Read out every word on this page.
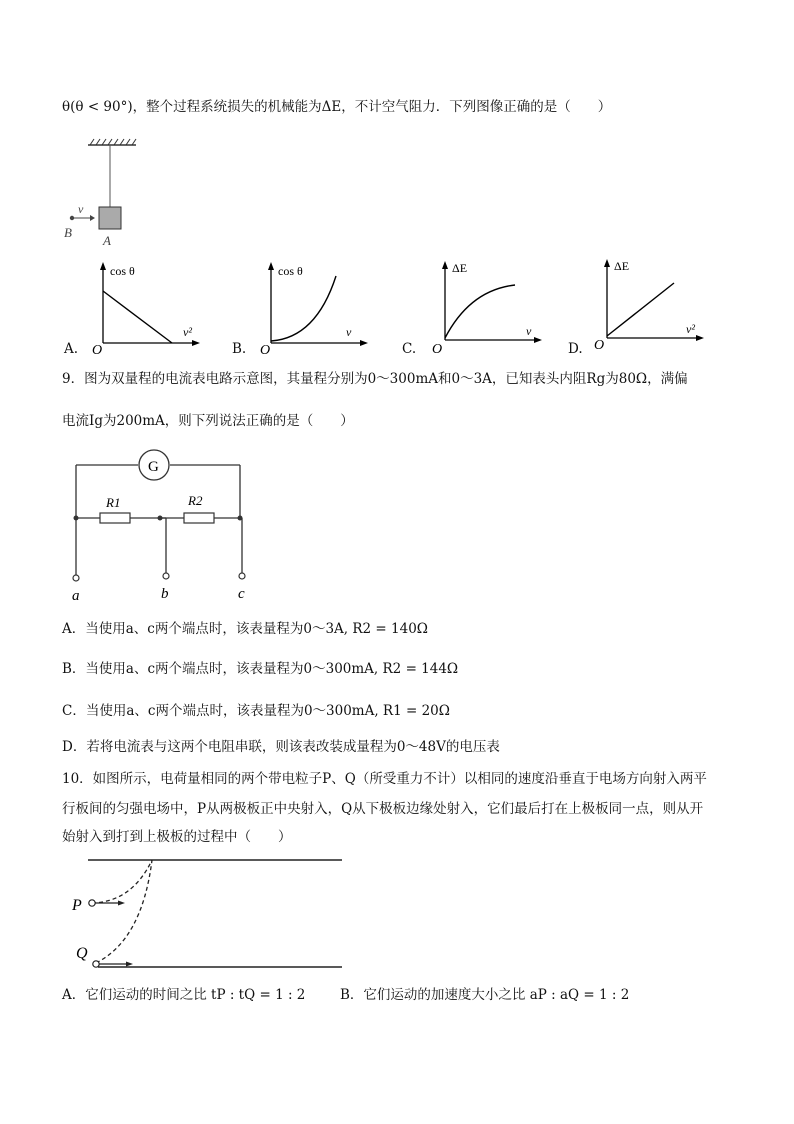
θ(θ < 90°)，整个过程系统损失的机械能为ΔE，不计空气阻力．下列图像正确的是（　　）
v
B
A
A.
cos θ
v²
O	B.
cos θ
v
O	C.
ΔE
v
O	D.
ΔE
v²
O
9．图为双量程的电流表电路示意图，其量程分别为0～300mA和0～3A，已知表头内阻Rg为80Ω，满偏
电流Ig为200mA，则下列说法正确的是（　　）
G
R1	R2
a	b	c
A．当使用a、c两个端点时，该表量程为0～3A, R2 = 140Ω
B．当使用a、c两个端点时，该表量程为0～300mA, R2 = 144Ω
C．当使用a、c两个端点时，该表量程为0～300mA, R1 = 20Ω
D．若将电流表与这两个电阻串联，则该表改装成量程为0～48V的电压表
10．如图所示，电荷量相同的两个带电粒子P、Q（所受重力不计）以相同的速度沿垂直于电场方向射入两平
行板间的匀强电场中，P从两极板正中央射入，Q从下极板边缘处射入，它们最后打在上极板同一点，则从开
始射入到打到上极板的过程中（　　）
P
Q
A．它们运动的时间之比 tP : tQ = 1 : 2	B．它们运动的加速度大小之比 aP : aQ = 1 : 2
